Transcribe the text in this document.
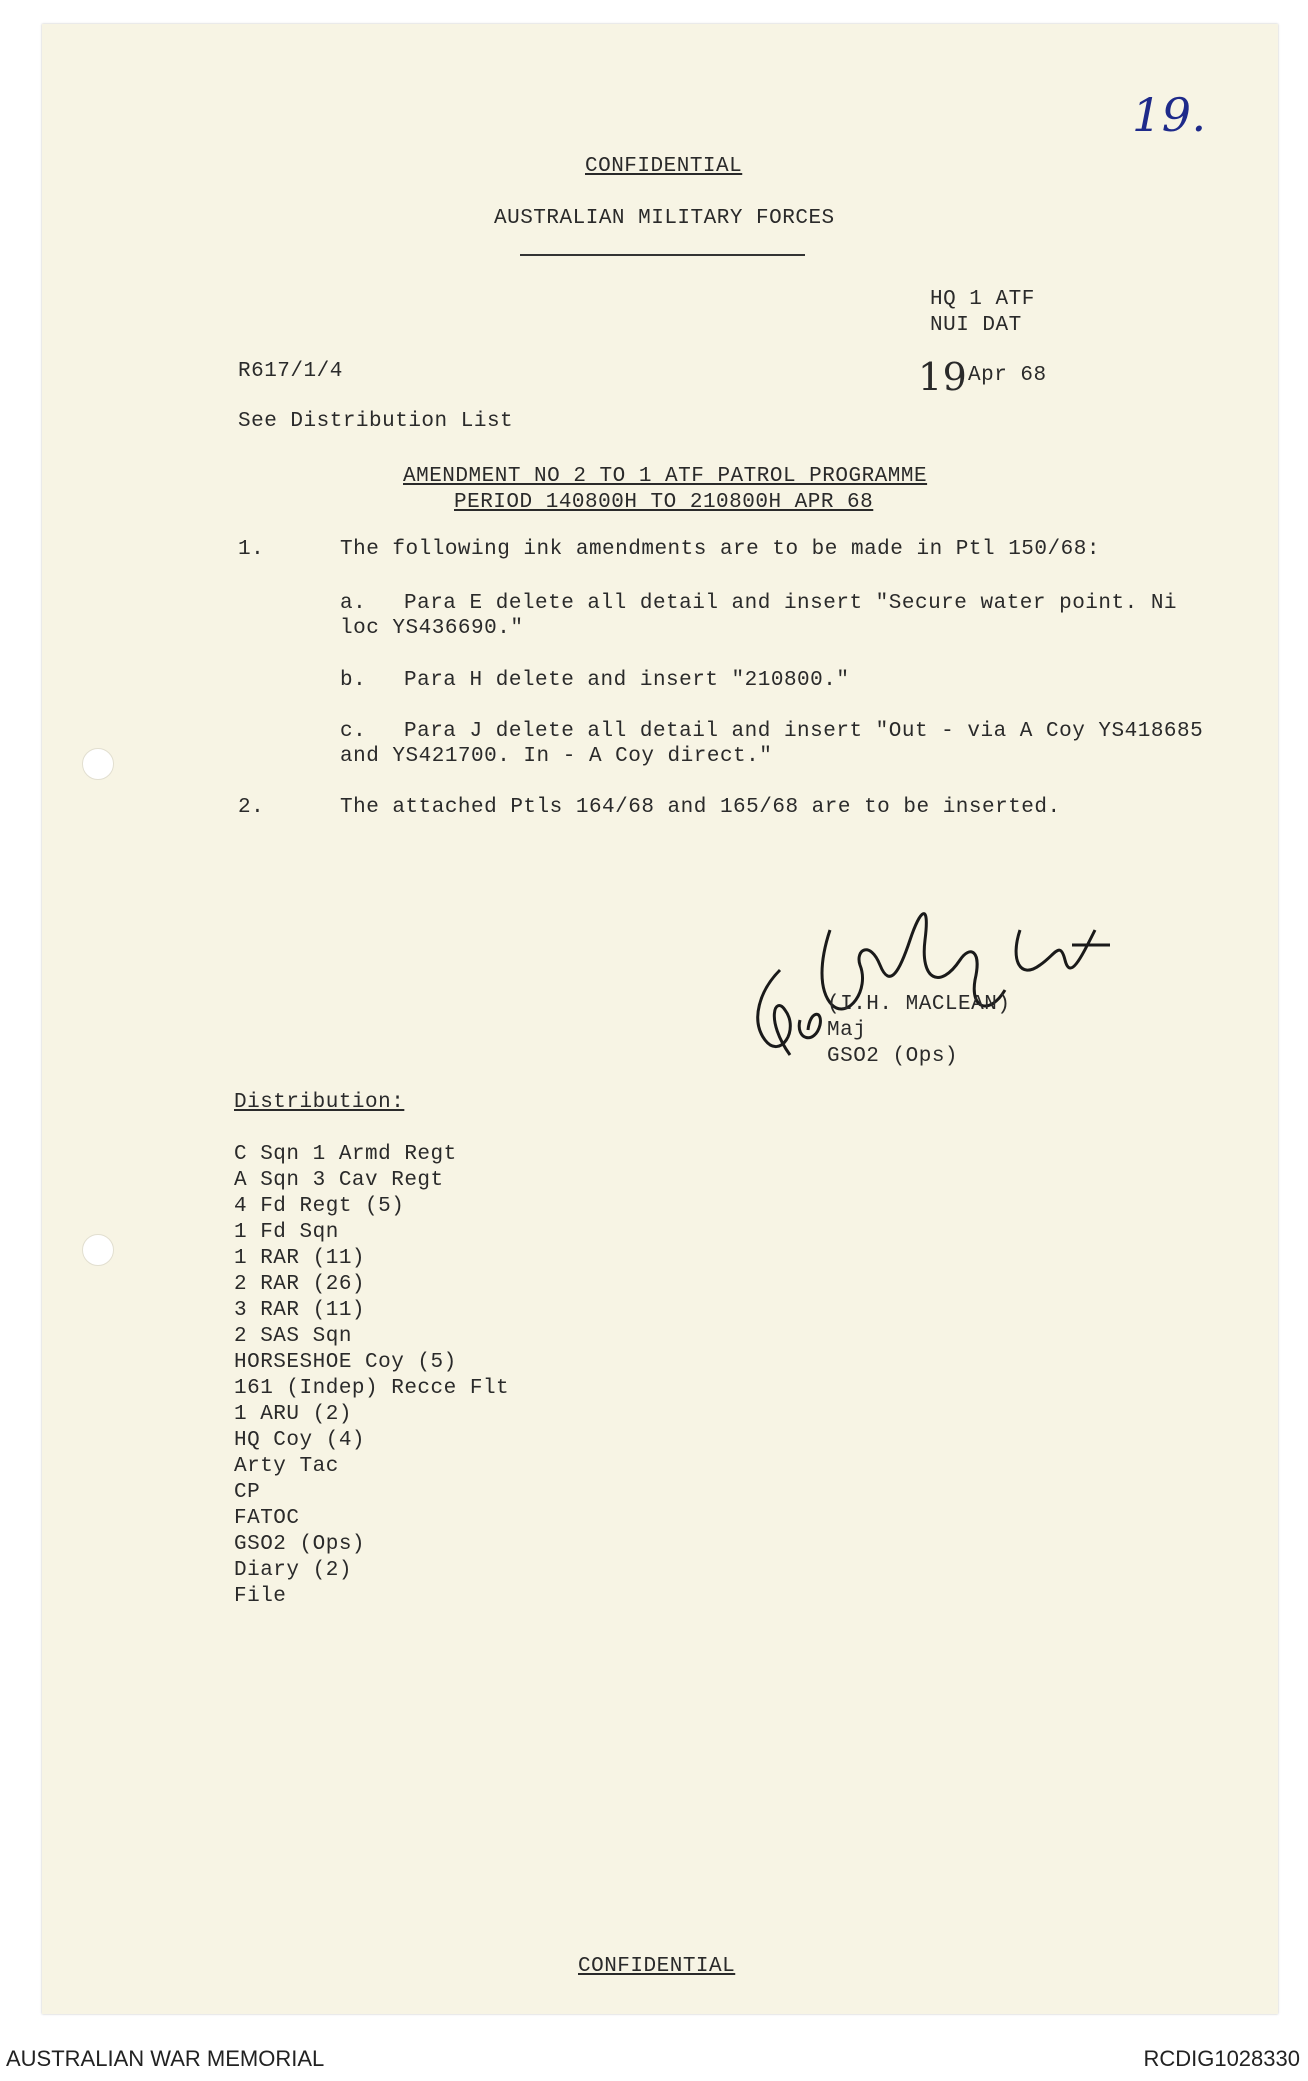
19.
CONFIDENTIAL
AUSTRALIAN MILITARY FORCES
HQ 1 ATF
NUI DAT
R617/1/4	19 Apr 68
See Distribution List
AMENDMENT NO 2 TO 1 ATF PATROL PROGRAMME
PERIOD 140800H TO 210800H APR 68
1.	The following ink amendments are to be made in Ptl 150/68:
a. Para E delete all detail and insert "Secure water point. Ni
loc YS436690."
b. Para H delete and insert "210800."
c. Para J delete all detail and insert "Out - via A Coy YS418685
and YS421700. In - A Coy direct."
2.	The attached Ptls 164/68 and 165/68 are to be inserted.
(I.H. MACLEAN)
Maj
GSO2 (Ops)
Distribution:
C Sqn 1 Armd Regt
A Sqn 3 Cav Regt
4 Fd Regt (5)
1 Fd Sqn
1 RAR (11)
2 RAR (26)
3 RAR (11)
2 SAS Sqn
HORSESHOE Coy (5)
161 (Indep) Recce Flt
1 ARU (2)
HQ Coy (4)
Arty Tac
CP
FATOC
GSO2 (Ops)
Diary (2)
File
CONFIDENTIAL
AUSTRALIAN WAR MEMORIAL	RCDIG1028330
